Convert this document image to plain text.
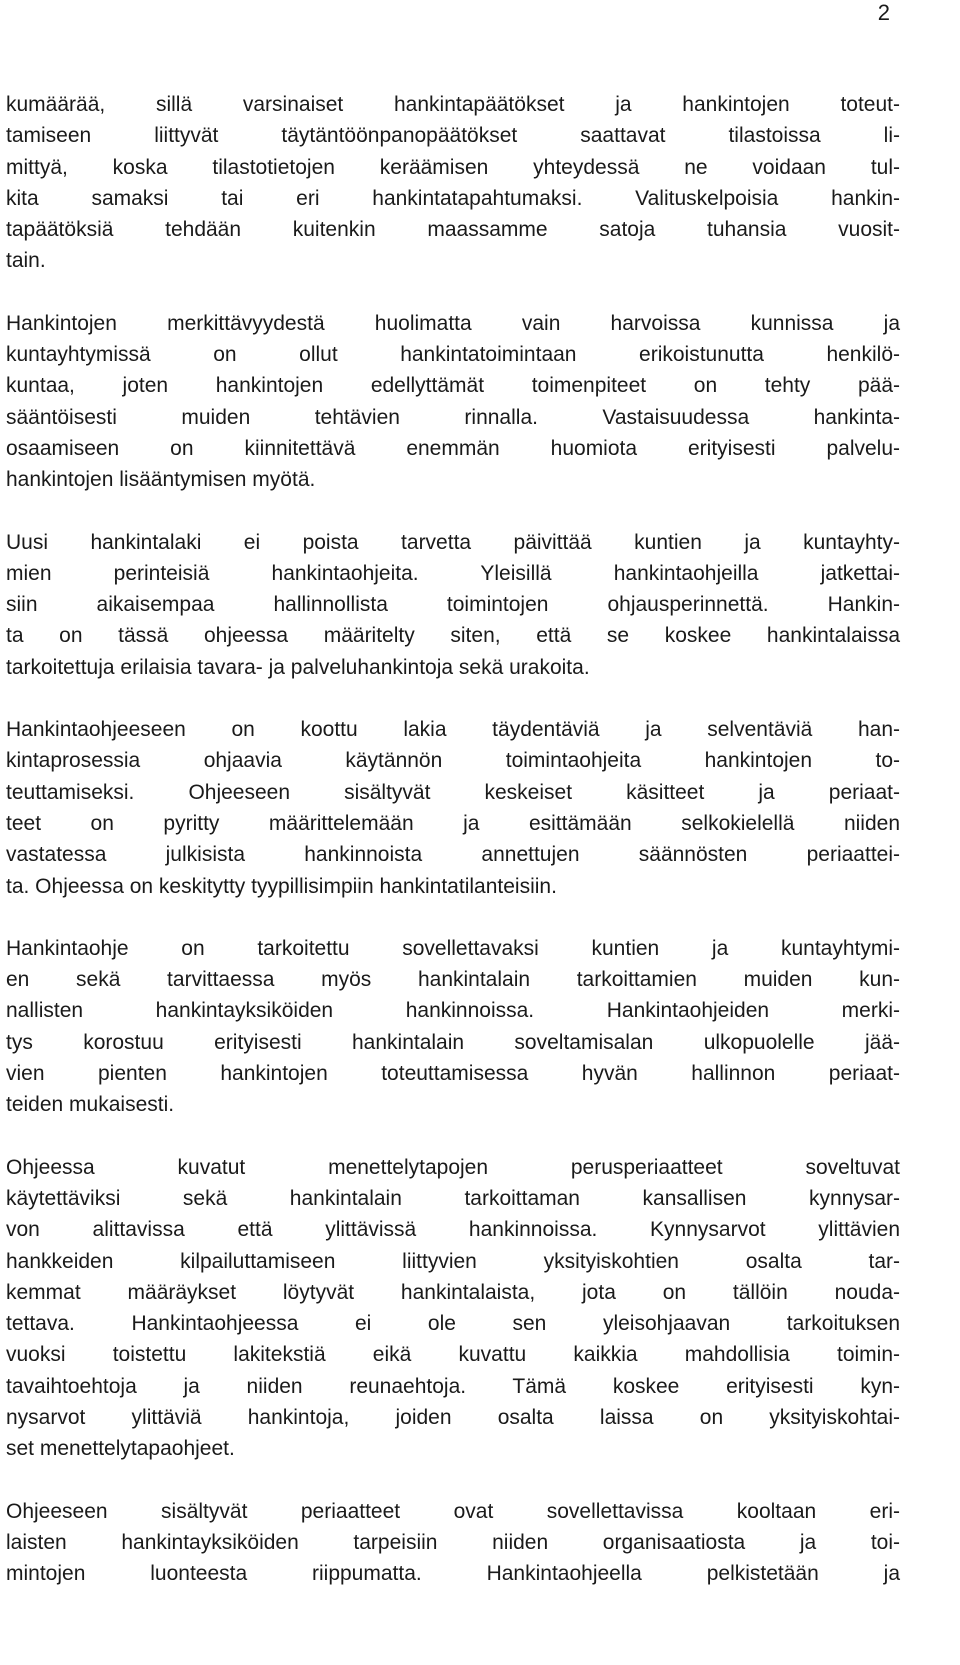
2
kumäärää, sillä varsinaiset hankintapäätökset ja hankintojen toteut-
tamiseen liittyvät täytäntöönpanopäätökset saattavat tilastoissa li-
mittyä, koska tilastotietojen keräämisen yhteydessä ne voidaan tul-
kita samaksi tai eri hankintatapahtumaksi. Valituskelpoisia hankin-
tapäätöksiä tehdään kuitenkin maassamme satoja tuhansia vuosit-
tain.
Hankintojen merkittävyydestä huolimatta vain harvoissa kunnissa ja
kuntayhtymissä on ollut hankintatoimintaan erikoistunutta henkilö-
kuntaa, joten hankintojen edellyttämät toimenpiteet on tehty pää-
sääntöisesti muiden tehtävien rinnalla. Vastaisuudessa hankinta-
osaamiseen on kiinnitettävä enemmän huomiota erityisesti palvelu-
hankintojen lisääntymisen myötä.
Uusi hankintalaki ei poista tarvetta päivittää kuntien ja kuntayhty-
mien perinteisiä hankintaohjeita. Yleisillä hankintaohjeilla jatkettai-
siin aikaisempaa hallinnollista toimintojen ohjausperinnettä. Hankin-
ta on tässä ohjeessa määritelty siten, että se koskee hankintalaissa
tarkoitettuja erilaisia tavara- ja palveluhankintoja sekä urakoita.
Hankintaohjeeseen on koottu lakia täydentäviä ja selventäviä han-
kintaprosessia ohjaavia käytännön toimintaohjeita hankintojen to-
teuttamiseksi. Ohjeeseen sisältyvät keskeiset käsitteet ja periaat-
teet on pyritty määrittelemään ja esittämään selkokielellä niiden
vastatessa julkisista hankinnoista annettujen säännösten periaattei-
ta. Ohjeessa on keskitytty tyypillisimpiin hankintatilanteisiin.
Hankintaohje on tarkoitettu sovellettavaksi kuntien ja kuntayhtymi-
en sekä tarvittaessa myös hankintalain tarkoittamien muiden kun-
nallisten hankintayksiköiden hankinnoissa. Hankintaohjeiden merki-
tys korostuu erityisesti hankintalain soveltamisalan ulkopuolelle jää-
vien pienten hankintojen toteuttamisessa hyvän hallinnon periaat-
teiden mukaisesti.
Ohjeessa kuvatut menettelytapojen perusperiaatteet soveltuvat
käytettäviksi sekä hankintalain tarkoittaman kansallisen kynnysar-
von alittavissa että ylittävissä hankinnoissa. Kynnysarvot ylittävien
hankkeiden kilpailuttamiseen liittyvien yksityiskohtien osalta tar-
kemmat määräykset löytyvät hankintalaista, jota on tällöin nouda-
tettava. Hankintaohjeessa ei ole sen yleisohjaavan tarkoituksen
vuoksi toistettu lakitekstiä eikä kuvattu kaikkia mahdollisia toimin-
tavaihtoehtoja ja niiden reunaehtoja. Tämä koskee erityisesti kyn-
nysarvot ylittäviä hankintoja, joiden osalta laissa on yksityiskohtai-
set menettelytapaohjeet.
Ohjeeseen sisältyvät periaatteet ovat sovellettavissa kooltaan eri-
laisten hankintayksiköiden tarpeisiin niiden organisaatiosta ja toi-
mintojen luonteesta riippumatta. Hankintaohjeella pelkistetään ja
